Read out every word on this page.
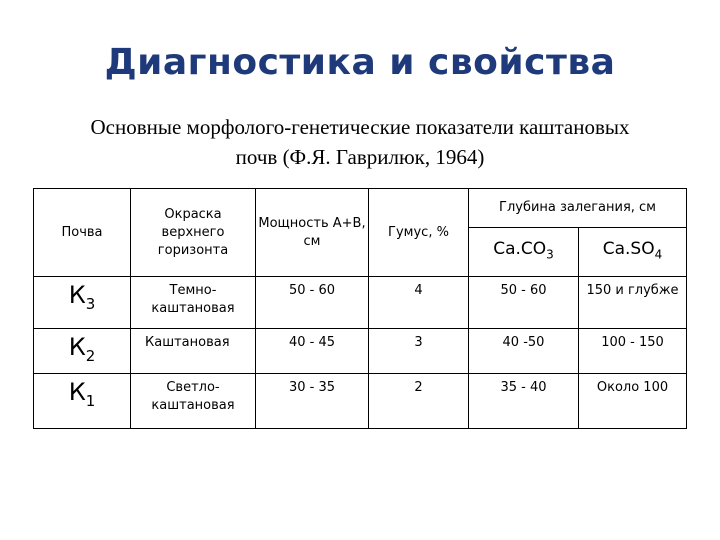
Диагностика и свойства
Основные морфолого-генетические показатели каштановых
почв (Ф.Я. Гаврилюк, 1964)
Почва	Окраска верхнего горизонта	Мощность А+В, см	Гумус, %	Глубина залегания, см	
				$Ca.CO_3$	$Ca.SO_4$
$К_3$	Темно-каштановая	50 - 60	4	50 - 60	150 и глубже
$К_2$	Каштановая	40 - 45	3	40 -50	100 - 150
$К_1$	Светло-каштановая	30 - 35	2	35 - 40	Около 100
